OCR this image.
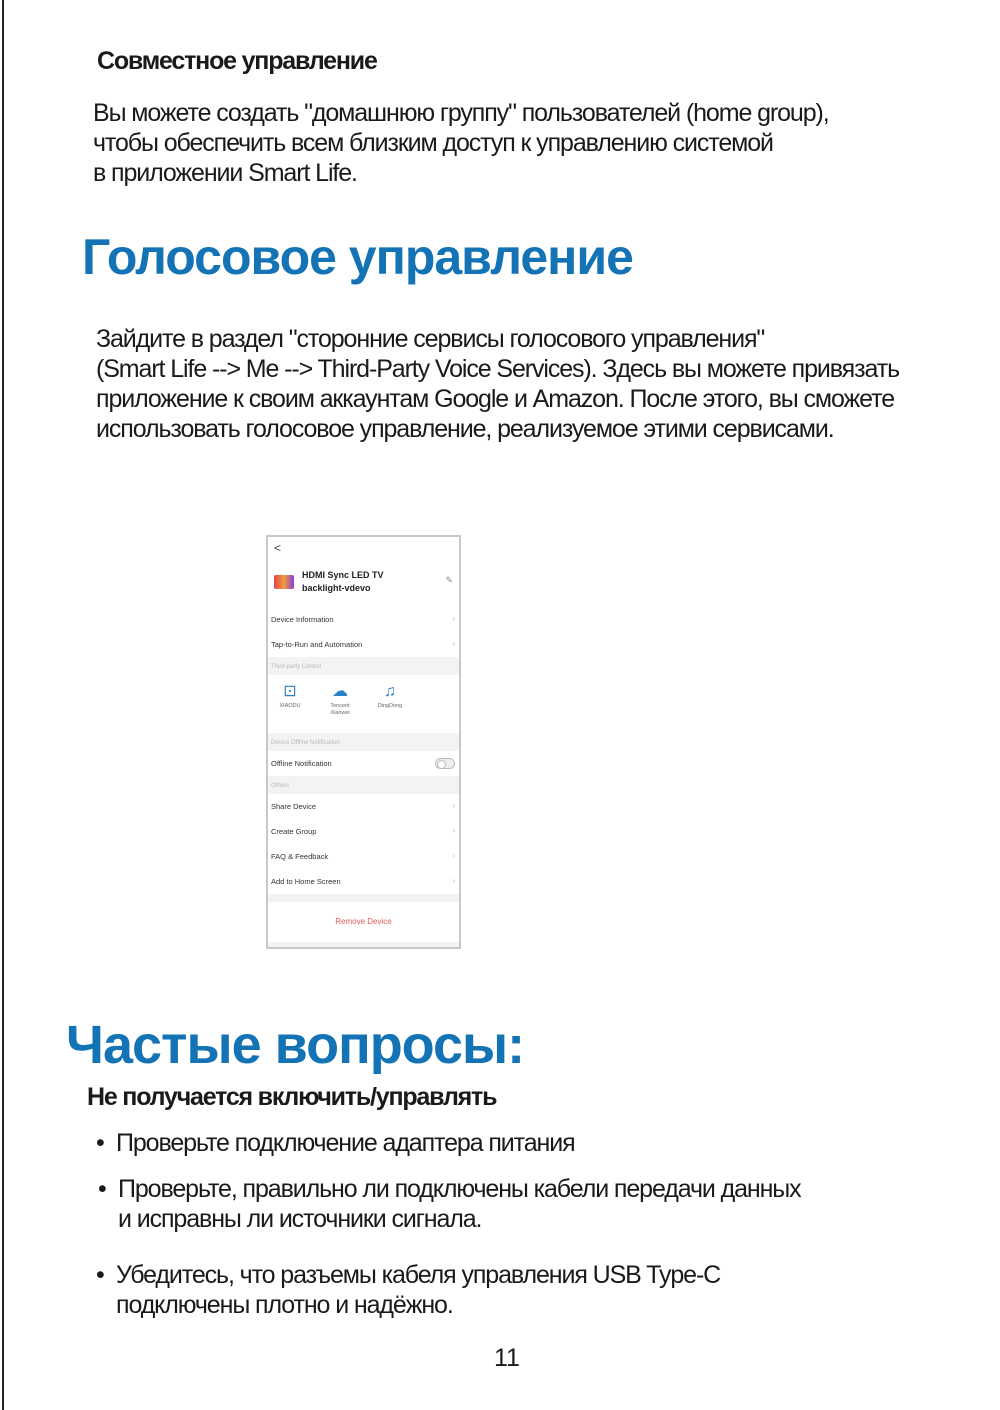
Совместное управление
Вы можете создать "домашнюю группу" пользователей (home group),
чтобы обеспечить всем близким доступ к управлению системой
в приложении Smart Life.
Голосовое управление
Зайдите в раздел "сторонние сервисы голосового управления"
(Smart Life --> Me --> Third-Party Voice Services). Здесь вы можете привязать
приложение к своим аккаунтам Google и Amazon. После этого, вы сможете
использовать голосовое управление, реализуемое этими сервисами.
<
HDMI Sync LED TV
backlight-vdevo
✎
Device Information	›
Tap-to-Run and Automation	›
Third-party Control
⊡
XIAODU
☁
Tencent Xiaowei
♫
DingDong
Device Offline Notification
Offline Notification
Others
Share Device	›
Create Group	›
FAQ & Feedback	›
Add to Home Screen	›
Remove Device
Частые вопросы:
Не получается включить/управлять
• Проверьте подключение адаптера питания
• Проверьте, правильно ли подключены кабели передачи данных
и исправны ли источники сигнала.
• Убедитесь, что разъемы кабеля управления USB Type-C
подключены плотно и надёжно.
11
